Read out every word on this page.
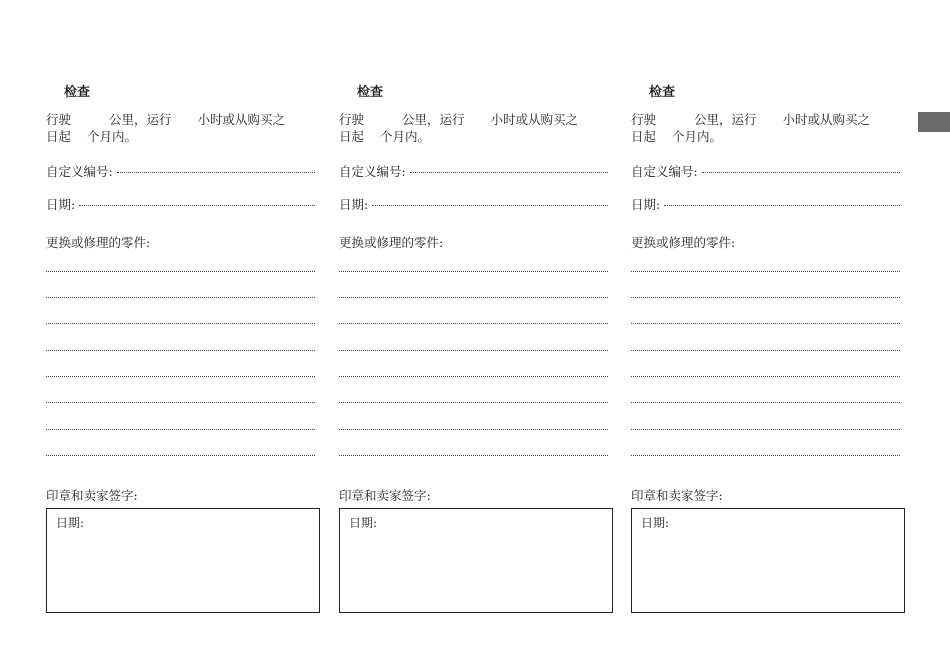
检查

行驶	公里，运行 小时或从购买之

日起 个月内。

自定义编号:
日期:

更换或修理的零件:

印章和卖家签字:

日期:
检查

行驶	公里，运行 小时或从购买之

日起 个月内。

自定义编号:
日期:

更换或修理的零件:

印章和卖家签字:

日期:
检查

行驶	公里，运行 小时或从购买之

日起 个月内。

自定义编号:
日期:

更换或修理的零件:

印章和卖家签字:

日期:
